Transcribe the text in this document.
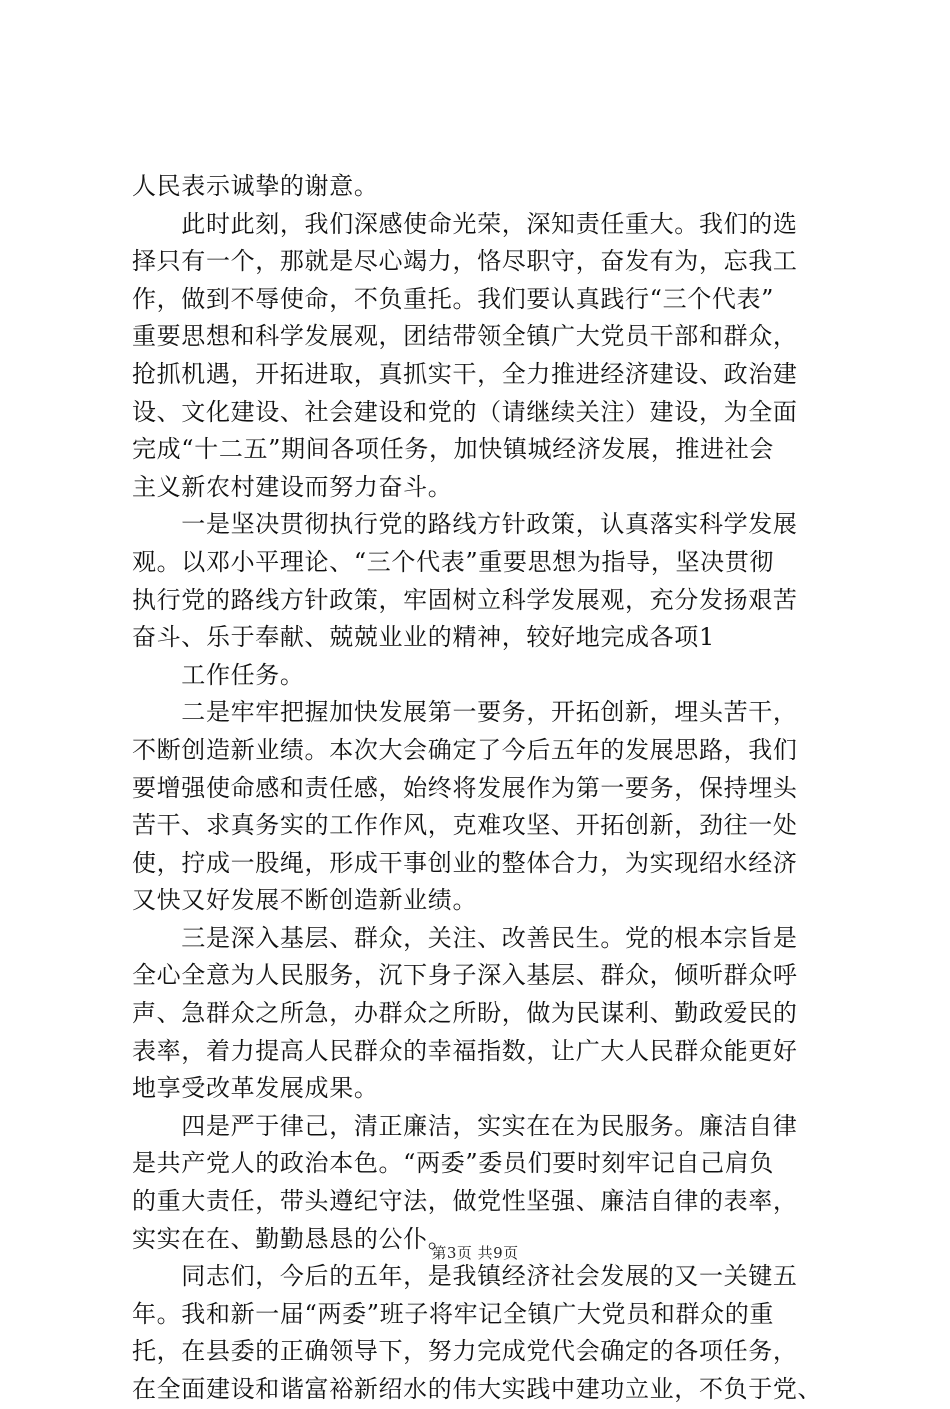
人民表示诚挚的谢意。
　　此时此刻，我们深感使命光荣，深知责任重大。我们的选
择只有一个，那就是尽心竭力，恪尽职守，奋发有为，忘我工
作，做到不辱使命，不负重托。我们要认真践行“三个代表”
重要思想和科学发展观，团结带领全镇广大党员干部和群众，
抢抓机遇，开拓进取，真抓实干，全力推进经济建设、政治建
设、文化建设、社会建设和党的（请继续关注）建设，为全面
完成“十二五”期间各项任务，加快镇城经济发展，推进社会
主义新农村建设而努力奋斗。
　　一是坚决贯彻执行党的路线方针政策，认真落实科学发展
观。以邓小平理论、“三个代表”重要思想为指导，坚决贯彻
执行党的路线方针政策，牢固树立科学发展观，充分发扬艰苦
奋斗、乐于奉献、兢兢业业的精神，较好地完成各项1
　　工作任务。
　　二是牢牢把握加快发展第一要务，开拓创新，埋头苦干，
不断创造新业绩。本次大会确定了今后五年的发展思路，我们
要增强使命感和责任感，始终将发展作为第一要务，保持埋头
苦干、求真务实的工作作风，克难攻坚、开拓创新，劲往一处
使，拧成一股绳，形成干事创业的整体合力，为实现绍水经济
又快又好发展不断创造新业绩。
　　三是深入基层、群众，关注、改善民生。党的根本宗旨是
全心全意为人民服务，沉下身子深入基层、群众，倾听群众呼
声、急群众之所急，办群众之所盼，做为民谋利、勤政爱民的
表率，着力提高人民群众的幸福指数，让广大人民群众能更好
地享受改革发展成果。
　　四是严于律己，清正廉洁，实实在在为民服务。廉洁自律
是共产党人的政治本色。“两委”委员们要时刻牢记自己肩负
的重大责任，带头遵纪守法，做党性坚强、廉洁自律的表率，
实实在在、勤勤恳恳的公仆。
　　同志们，今后的五年，是我镇经济社会发展的又一关键五
年。我和新一届“两委”班子将牢记全镇广大党员和群众的重
托，在县委的正确领导下，努力完成党代会确定的各项任务，
在全面建设和谐富裕新绍水的伟大实践中建功立业，不负于党、
第3页 共9页
